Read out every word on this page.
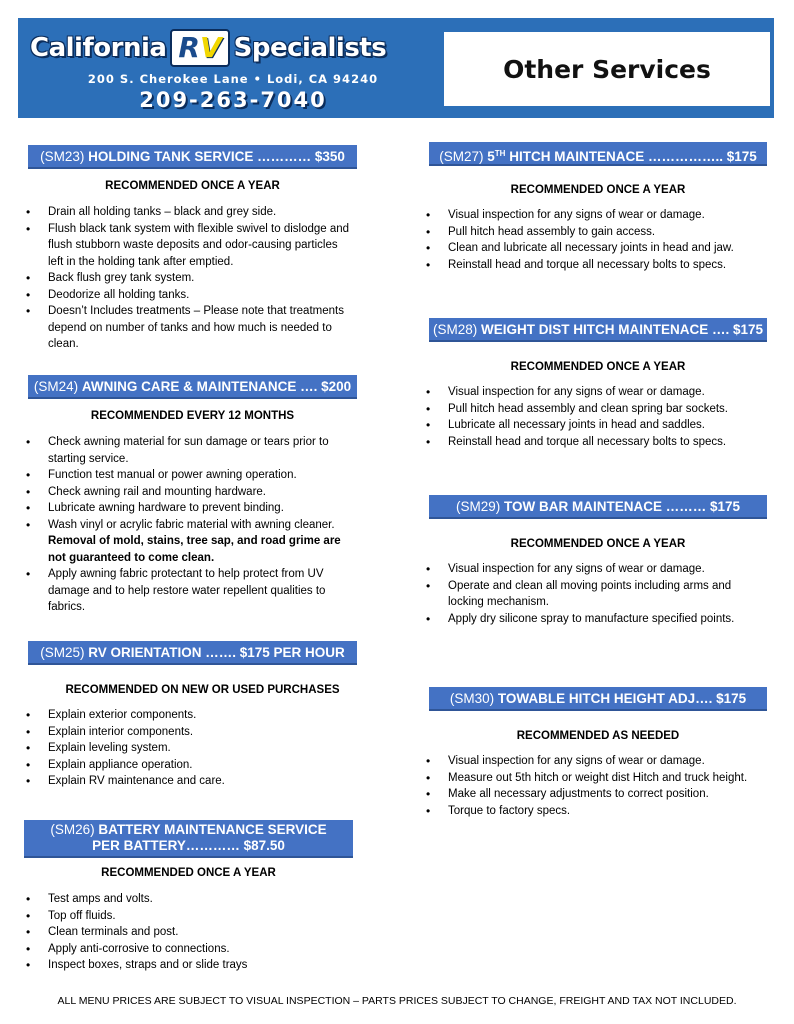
California RV Specialists
200 S. Cherokee Lane • Lodi, CA 94240
209-263-7040
Other Services
(SM23) HOLDING TANK SERVICE ………… $350
RECOMMENDED ONCE A YEAR
• Drain all holding tanks – black and grey side.
• Flush black tank system with flexible swivel to dislodge and flush stubborn waste deposits and odor-causing particles left in the holding tank after emptied.
• Back flush grey tank system.
• Deodorize all holding tanks.
• Doesn’t Includes treatments – Please note that treatments depend on number of tanks and how much is needed to clean.
(SM24) AWNING CARE & MAINTENANCE …. $200
RECOMMENDED EVERY 12 MONTHS
• Check awning material for sun damage or tears prior to starting service.
• Function test manual or power awning operation.
• Check awning rail and mounting hardware.
• Lubricate awning hardware to prevent binding.
• Wash vinyl or acrylic fabric material with awning cleaner.
Removal of mold, stains, tree sap, and road grime are not guaranteed to come clean.
• Apply awning fabric protectant to help protect from UV damage and to help restore water repellent qualities to fabrics.
(SM25) RV ORIENTATION ……. $175 PER HOUR
RECOMMENDED ON NEW OR USED PURCHASES
• Explain exterior components.
• Explain interior components.
• Explain leveling system.
• Explain appliance operation.
• Explain RV maintenance and care.
(SM26) BATTERY MAINTENANCE SERVICE
PER BATTERY………… $87.50
RECOMMENDED ONCE A YEAR
• Test amps and volts.
• Top off fluids.
• Clean terminals and post.
• Apply anti-corrosive to connections.
• Inspect boxes, straps and or slide trays
(SM27) 5TH HITCH MAINTENACE …………….. $175
RECOMMENDED ONCE A YEAR
• Visual inspection for any signs of wear or damage.
• Pull hitch head assembly to gain access.
• Clean and lubricate all necessary joints in head and jaw.
• Reinstall head and torque all necessary bolts to specs.
(SM28) WEIGHT DIST HITCH MAINTENACE …. $175
RECOMMENDED ONCE A YEAR
• Visual inspection for any signs of wear or damage.
• Pull hitch head assembly and clean spring bar sockets.
• Lubricate all necessary joints in head and saddles.
• Reinstall head and torque all necessary bolts to specs.
(SM29) TOW BAR MAINTENACE ……… $175
RECOMMENDED ONCE A YEAR
• Visual inspection for any signs of wear or damage.
• Operate and clean all moving points including arms and locking mechanism.
• Apply dry silicone spray to manufacture specified points.
(SM30) TOWABLE HITCH HEIGHT ADJ…. $175
RECOMMENDED AS NEEDED
• Visual inspection for any signs of wear or damage.
• Measure out 5th hitch or weight dist Hitch and truck height.
• Make all necessary adjustments to correct position.
• Torque to factory specs.
ALL MENU PRICES ARE SUBJECT TO VISUAL INSPECTION – PARTS PRICES SUBJECT TO CHANGE, FREIGHT AND TAX NOT INCLUDED.
